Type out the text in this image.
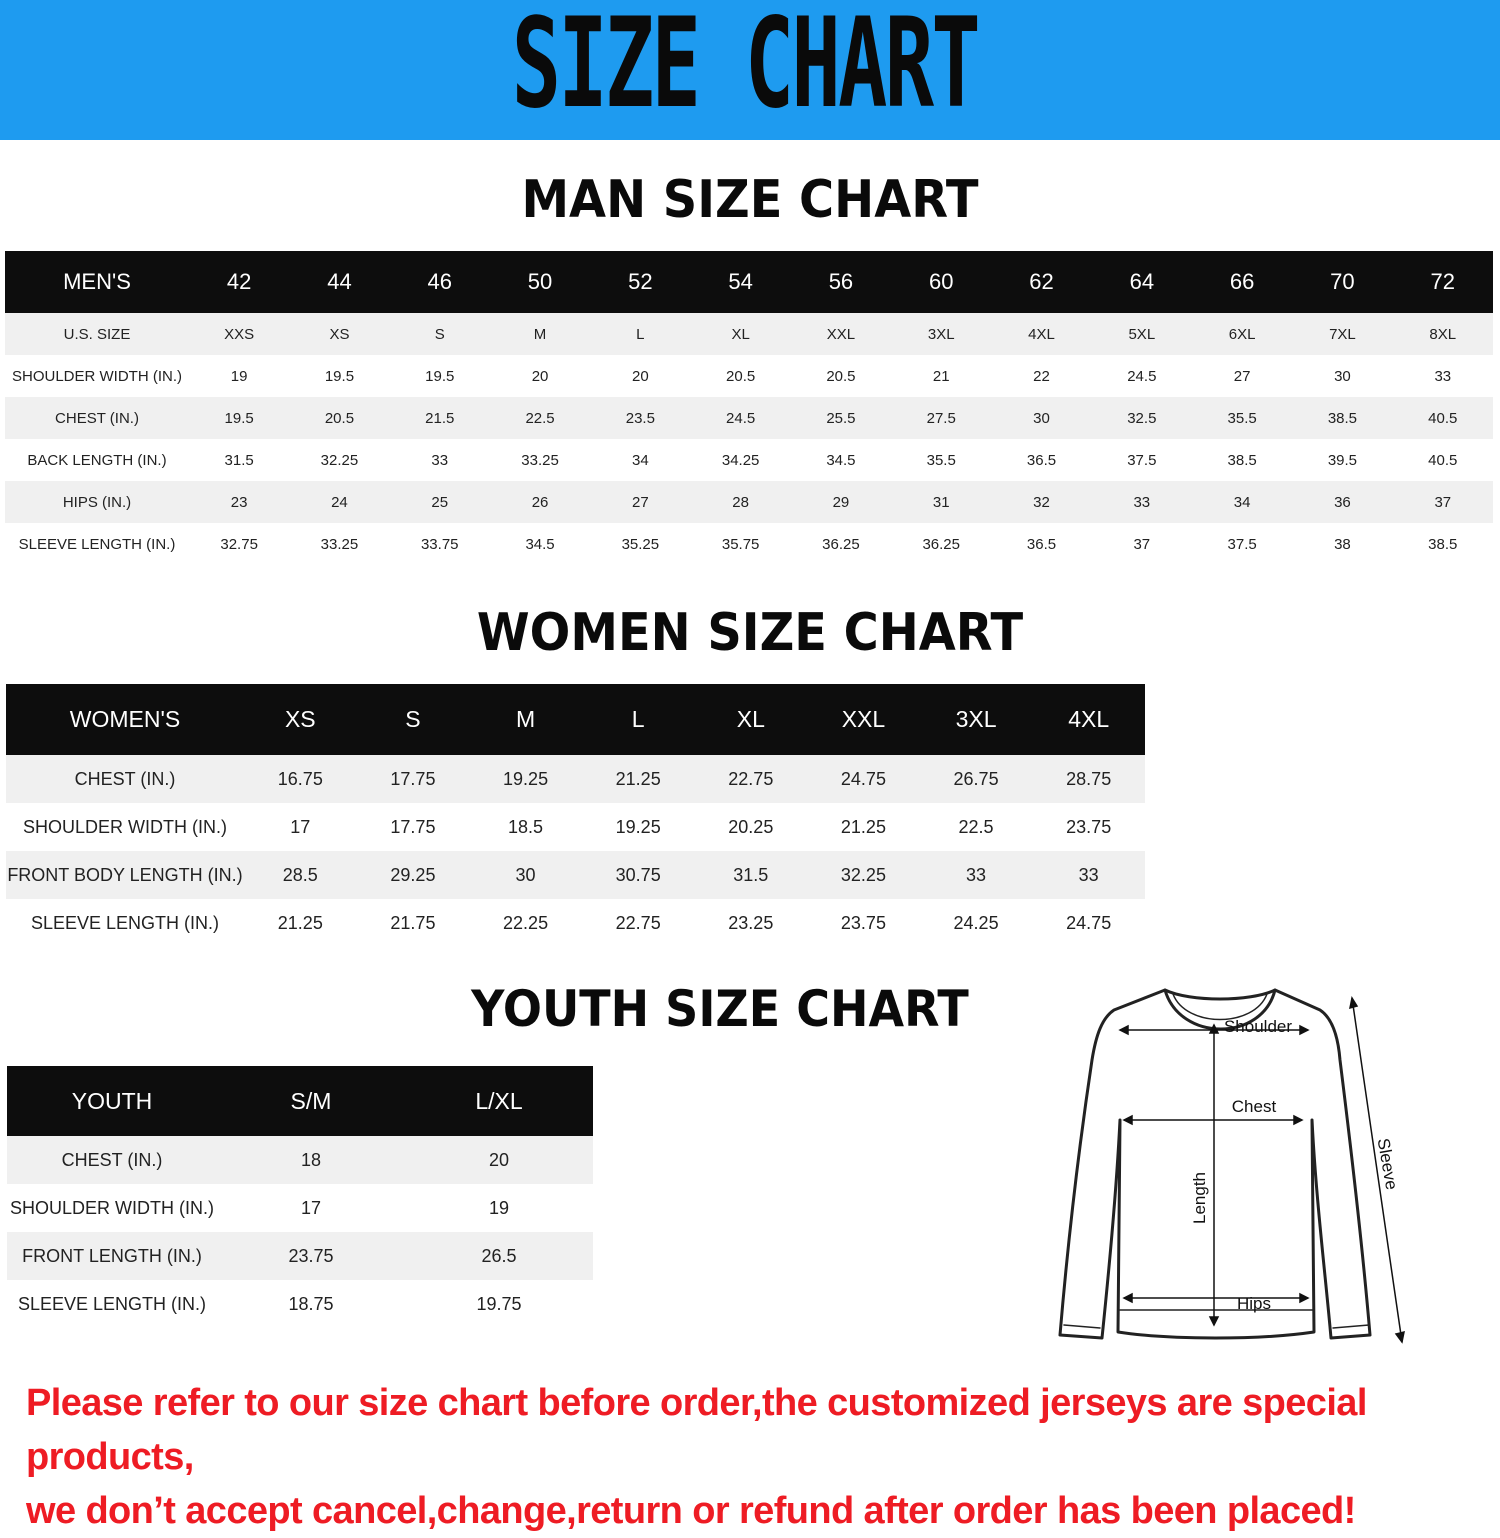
SIZE CHART
MAN SIZE CHART
MEN'S	42	44	46	50	52	54	56	60	62	64	66	70	72
U.S. SIZE	XXS	XS	S	M	L	XL	XXL	3XL	4XL	5XL	6XL	7XL	8XL
SHOULDER WIDTH (IN.)	19	19.5	19.5	20	20	20.5	20.5	21	22	24.5	27	30	33
CHEST (IN.)	19.5	20.5	21.5	22.5	23.5	24.5	25.5	27.5	30	32.5	35.5	38.5	40.5
BACK LENGTH (IN.)	31.5	32.25	33	33.25	34	34.25	34.5	35.5	36.5	37.5	38.5	39.5	40.5
HIPS (IN.)	23	24	25	26	27	28	29	31	32	33	34	36	37
SLEEVE LENGTH (IN.)	32.75	33.25	33.75	34.5	35.25	35.75	36.25	36.25	36.5	37	37.5	38	38.5
WOMEN SIZE CHART
WOMEN'S	XS	S	M	L	XL	XXL	3XL	4XL
CHEST (IN.)	16.75	17.75	19.25	21.25	22.75	24.75	26.75	28.75
SHOULDER WIDTH (IN.)	17	17.75	18.5	19.25	20.25	21.25	22.5	23.75
FRONT BODY LENGTH (IN.)	28.5	29.25	30	30.75	31.5	32.25	33	33
SLEEVE LENGTH (IN.)	21.25	21.75	22.25	22.75	23.25	23.75	24.25	24.75
YOUTH SIZE CHART
YOUTH	S/M	L/XL
CHEST (IN.)	18	20
SHOULDER WIDTH (IN.)	17	19
FRONT LENGTH (IN.)	23.75	26.5
SLEEVE LENGTH (IN.)	18.75	19.75
Shoulder
Chest
Length
Hips
Sleeve
Please refer to our size chart before order,the customized jerseys are special products,
we don’t accept cancel,change,return or refund after order has been placed!
